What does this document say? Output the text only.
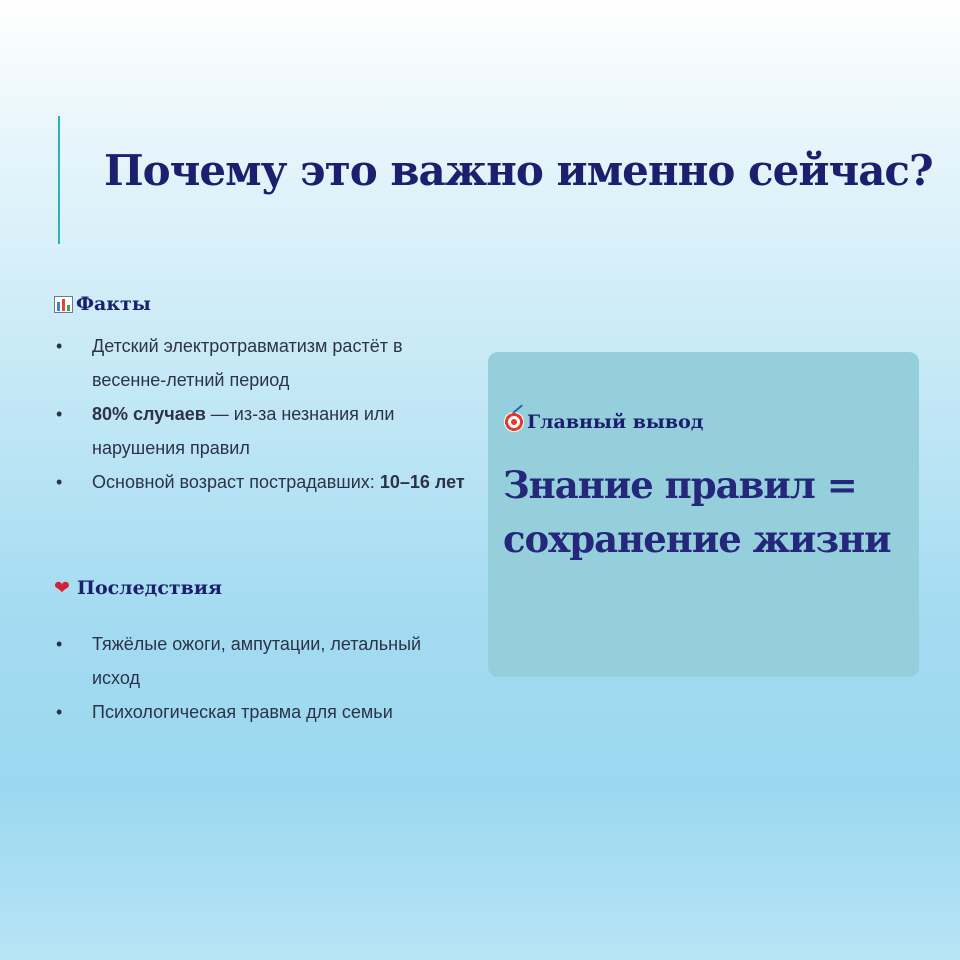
Почему это важно именно сейчас?
Факты
• Детский электротравматизм растёт в весенне-летний период
• 80% случаев — из-за незнания или нарушения правил
• Основной возраст пострадавших: 10–16 лет
❤ Последствия
• Тяжёлые ожоги, ампутации, летальный исход
• Психологическая травма для семьи
Главный вывод

Знание правил =
сохранение жизни
